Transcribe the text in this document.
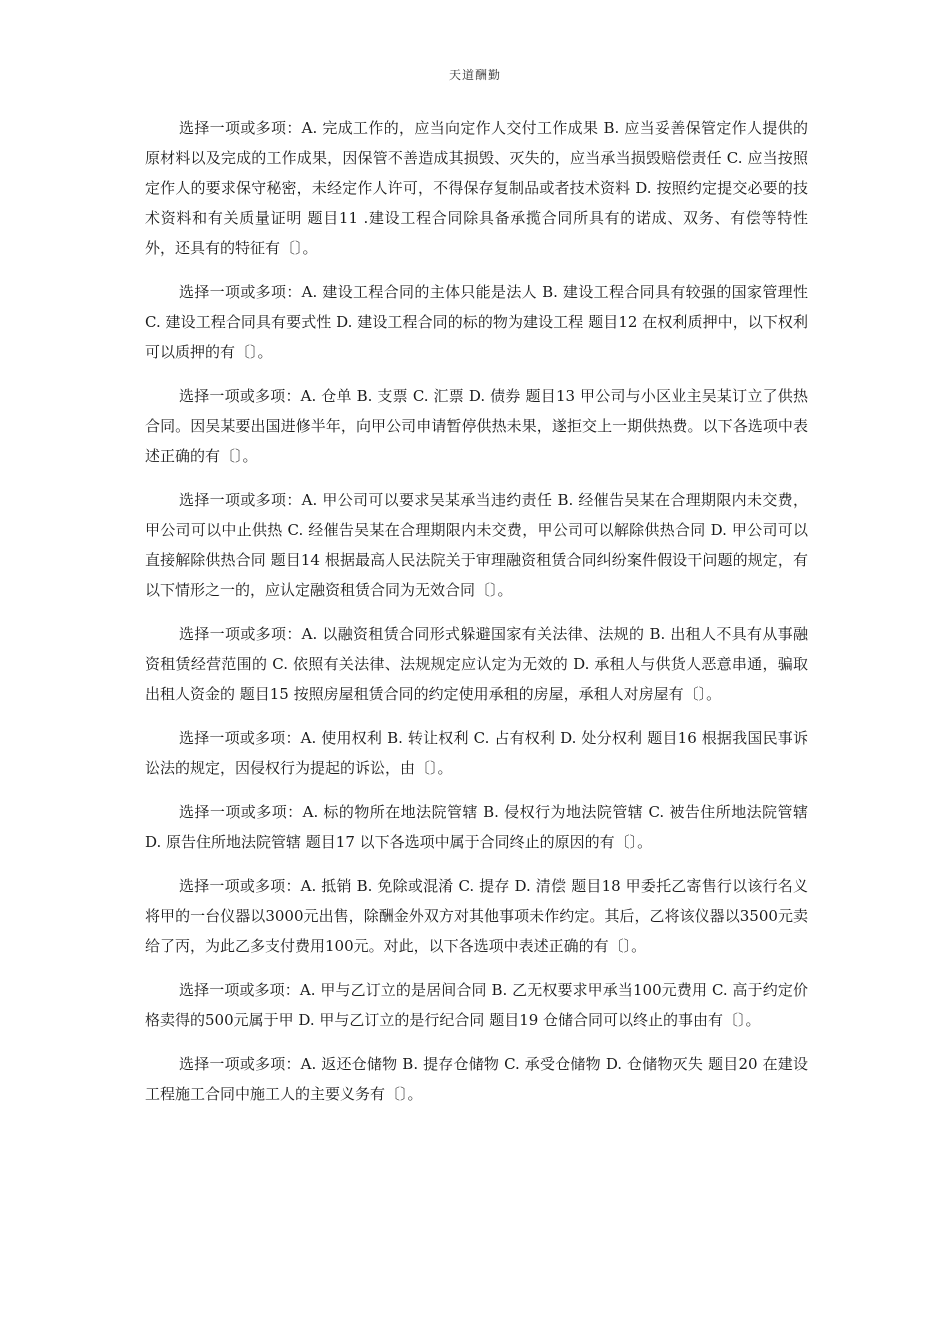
天道酬勤

选择一项或多项：A. 完成工作的，应当向定作人交付工作成果 B. 应当妥善保管定作人提供的原材料以及完成的工作成果，因保管不善造成其损毁、灭失的，应当承当损毁赔偿责任 C. 应当按照定作人的要求保守秘密，未经定作人许可，不得保存复制品或者技术资料 D. 按照约定提交必要的技术资料和有关质量证明 题目11 .建设工程合同除具备承揽合同所具有的诺成、双务、有偿等特性外，还具有的特征有〔〕。

选择一项或多项：A. 建设工程合同的主体只能是法人 B. 建设工程合同具有较强的国家管理性 C. 建设工程合同具有要式性 D. 建设工程合同的标的物为建设工程 题目12 在权利质押中，以下权利可以质押的有〔〕。

选择一项或多项：A. 仓单 B. 支票 C. 汇票 D. 债券 题目13 甲公司与小区业主吴某订立了供热合同。因吴某要出国进修半年，向甲公司申请暂停供热未果，遂拒交上一期供热费。以下各选项中表述正确的有〔〕。

选择一项或多项：A. 甲公司可以要求吴某承当违约责任 B. 经催告吴某在合理期限内未交费，甲公司可以中止供热 C. 经催告吴某在合理期限内未交费，甲公司可以解除供热合同 D. 甲公司可以直接解除供热合同 题目14 根据最高人民法院关于审理融资租赁合同纠纷案件假设干问题的规定，有以下情形之一的，应认定融资租赁合同为无效合同〔〕。

选择一项或多项：A. 以融资租赁合同形式躲避国家有关法律、法规的 B. 出租人不具有从事融资租赁经营范围的 C. 依照有关法律、法规规定应认定为无效的 D. 承租人与供货人恶意串通，骗取出租人资金的 题目15 按照房屋租赁合同的约定使用承租的房屋，承租人对房屋有〔〕。

选择一项或多项：A. 使用权利 B. 转让权利 C. 占有权利 D. 处分权利 题目16 根据我国民事诉讼法的规定，因侵权行为提起的诉讼，由〔〕。

选择一项或多项：A. 标的物所在地法院管辖 B. 侵权行为地法院管辖 C. 被告住所地法院管辖 D. 原告住所地法院管辖 题目17 以下各选项中属于合同终止的原因的有〔〕。

选择一项或多项：A. 抵销 B. 免除或混淆 C. 提存 D. 清偿 题目18 甲委托乙寄售行以该行名义将甲的一台仪器以3000元出售，除酬金外双方对其他事项未作约定。其后，乙将该仪器以3500元卖给了丙，为此乙多支付费用100元。对此，以下各选项中表述正确的有〔〕。

选择一项或多项：A. 甲与乙订立的是居间合同 B. 乙无权要求甲承当100元费用 C. 高于约定价格卖得的500元属于甲 D. 甲与乙订立的是行纪合同 题目19 仓储合同可以终止的事由有〔〕。

选择一项或多项：A. 返还仓储物 B. 提存仓储物 C. 承受仓储物 D. 仓储物灭失 题目20 在建设工程施工合同中施工人的主要义务有〔〕。
